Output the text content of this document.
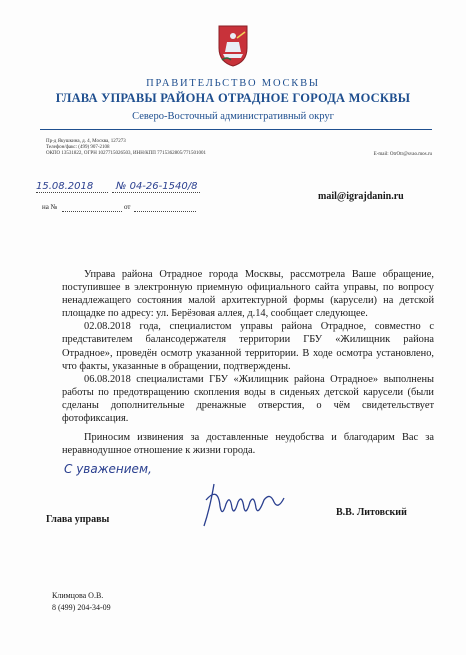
ПРАВИТЕЛЬСТВО МОСКВЫ
ГЛАВА УПРАВЫ РАЙОНА ОТРАДНОЕ ГОРОДА МОСКВЫ
Северо-Восточный административный округ
Пр-д Якушкина, д. 4, Москва, 127273
Телефон/факс: (499) 907-2108
ОКПО 13531822, ОГРН 1027715026503, ИНН/КПП 7715362805/771501001	E-mail: OtrOtr@svao.mos.ru
15.08.2018 № 04-26-1540/8
на №	от
mail@igrajdanin.ru

Управа района Отрадное города Москвы, рассмотрела Ваше обращение, поступившее в электронную приемную официального сайта управы, по вопросу ненадлежащего состояния малой архитектурной формы (карусели) на детской площадке по адресу: ул. Берёзовая аллея, д.14, сообщает следующее.

02.08.2018 года, специалистом управы района Отрадное, совместно с представителем балансодержателя территории ГБУ «Жилищник района Отрадное», проведён осмотр указанной территории. В ходе осмотра установлено, что факты, указанные в обращении, подтверждены.

06.08.2018 специалистами ГБУ «Жилищник района Отрадное» выполнены работы по предотвращению скопления воды в сиденьях детской карусели (были сделаны дополнительные дренажные отверстия, о чём свидетельствует фотофиксация.

Приносим извинения за доставленные неудобства и благодарим Вас за неравнодушное отношение к жизни города.

С уважением,
Глава управы
В.В. Литовский
Климцова О.В.
8 (499) 204-34-09
